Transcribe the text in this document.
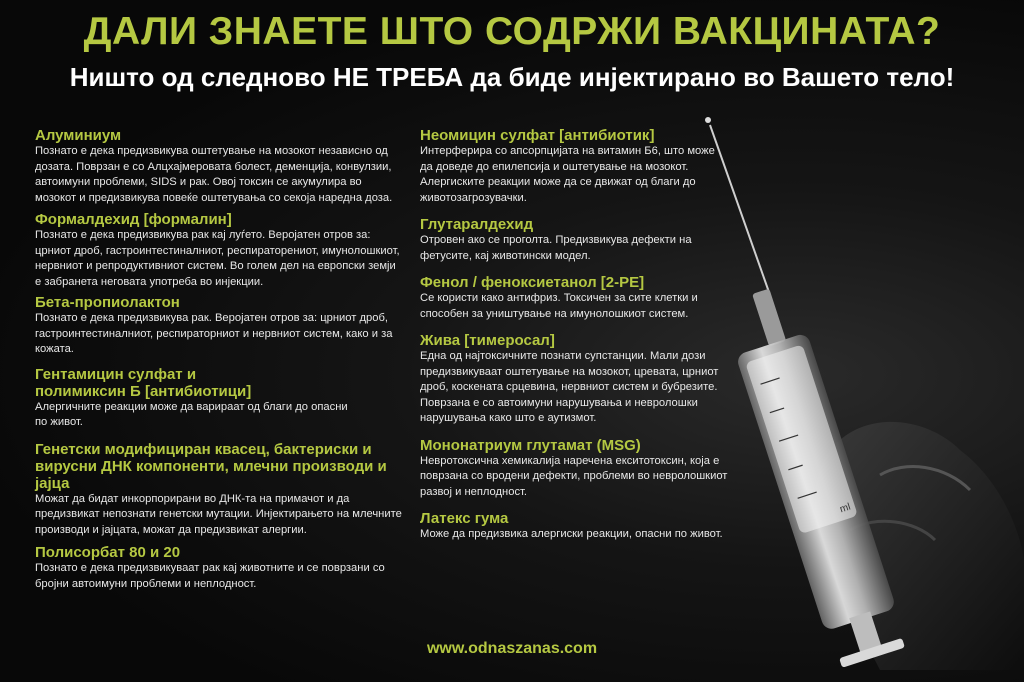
ml
ДАЛИ ЗНАЕТЕ ШТО СОДРЖИ ВАКЦИНАТА?
Ништо од следново НЕ ТРЕБА да биде инјектирано во Вашето тело!
Алуминиум
Познато е дека предизвикува оштетување на мозокот независно од дозата. Поврзан е со Алцхајмеровата болест, деменција, конвулзии, автоимуни проблеми, SIDS и рак. Овој токсин се акумулира во мозокот и предизвикува повеќе оштетувања со секоја наредна доза.
Формалдехид [формалин]
Познато е дека предизвикува рак кај луѓето. Веројатен отров за: црниот дроб, гастроинтестиналниот, респираторениот, имунолошкиот, нервниот и репродуктивниот систем. Во голем дел на европски земји е забранета неговата употреба во инјекции.
Бета-пропиолактон
Познато е дека предизвикува рак. Веројатен отров за: црниот дроб, гастроинтестиналниот, респираторниот и нервниот систем, како и за кожата.
Гентамицин сулфат и полимиксин Б [антибиотици]
Алергичните реакции може да варираат од благи до опасни по живот.
Генетски модифициран квасец, бактериски и вирусни ДНК компоненти, млечни производи и јајца
Можат да бидат инкорпорирани во ДНК-та на примачот и да предизвикат непознати генетски мутации. Инјектирањето на млечните производи и јајцата, можат да предизвикат алергии.
Полисорбат 80 и 20
Познато е дека предизвикуваат рак кај животните и се поврзани со бројни автоимуни проблеми и неплодност.
Неомицин сулфат [антибиотик]
Интерферира со апсорпцијата на витамин Б6, што може да доведе до епилепсија и оштетување на мозокот. Алергиските реакции може да се движат од благи до животозагрозувачки.
Глутаралдехид
Отровен ако се проголта. Предизвикува дефекти на фетусите, кај животински модел.
Фенол / феноксиетанол [2-PE]
Се користи како антифриз. Токсичен за сите клетки и способен за уништување на имунолошкиот систем.
Жива [тимеросал]
Една од најтоксичните познати супстанции. Мали дози предизвикуваат оштетување на мозокот, цревата, црниот дроб, коскената срцевина, нервниот систем и бубрезите. Поврзана е со автоимуни нарушувања и невролошки нарушувања како што е аутизмот.
Мононатриум глутамат (MSG)
Невротоксична хемикалија наречена екситотоксин, која е поврзана со вродени дефекти, проблеми во невролошкиот развој и неплодност.
Латекс гума
Може да предизвика алергиски реакции, опасни по живот.
www.odnaszanas.com
